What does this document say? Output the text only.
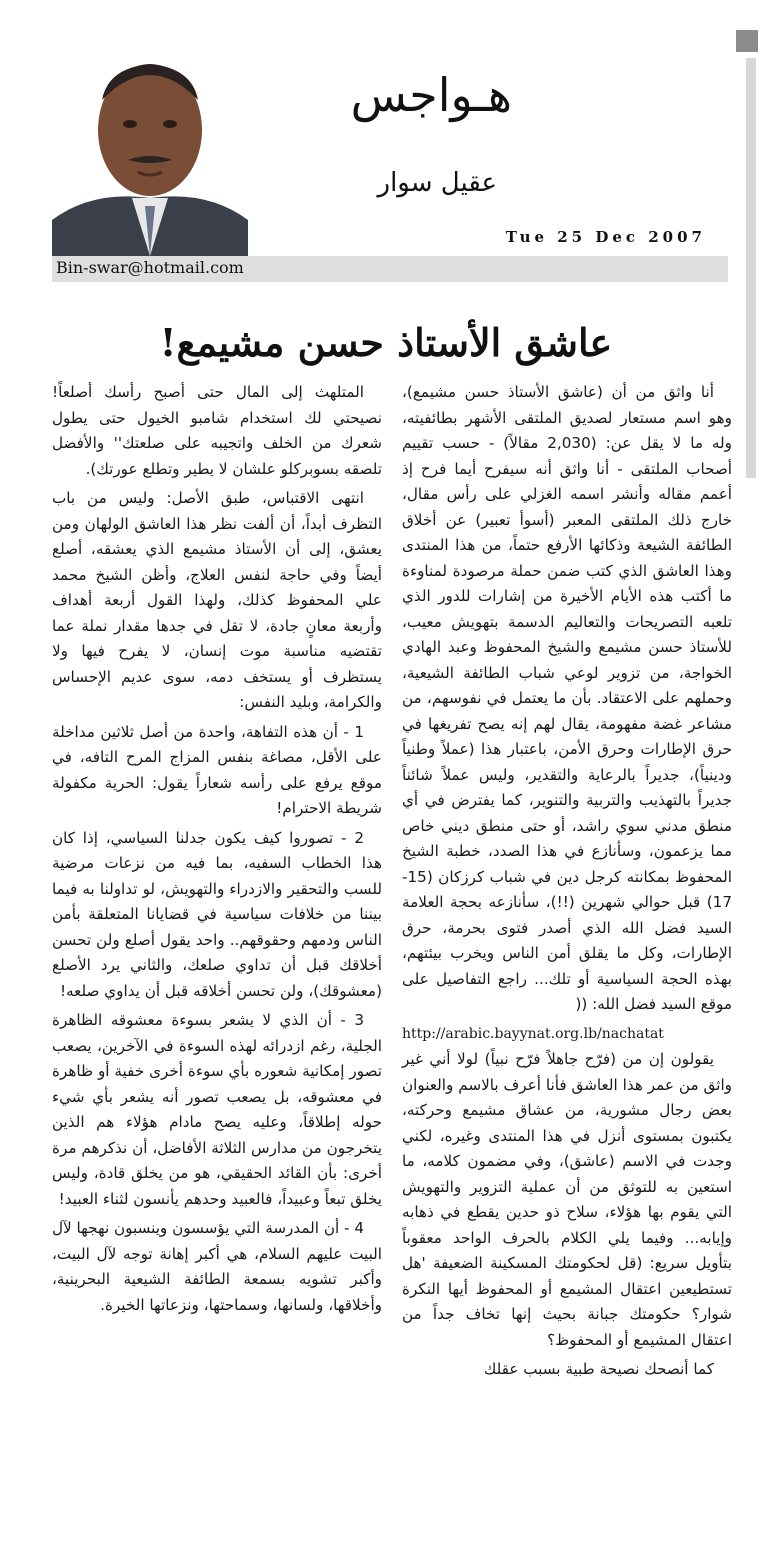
هـواجس
عقيل سوار
Tue 25 Dec 2007
Bin-swar@hotmail.com
عاشق الأستاذ حسن مشيمع!

أنا واثق من أن (عاشق الأستاذ حسن مشيمع)، وهو اسم مستعار لصديق الملتقى الأشهر بطائفيته، وله ما لا يقل عن: (2,030 مقالاً) - حسب تقييم أصحاب الملتقى - أنا واثق أنه سيفرح أيما فرح إذ أعمم مقاله وأنشر اسمه الغزلي على رأس مقال، خارج ذلك الملتقى المعبر (أسوأ تعبير) عن أخلاق الطائفة الشيعة وذكائها الأرفع حتماً، من هذا المنتدى وهذا العاشق الذي كتب ضمن حملة مرصودة لمناوءة ما أكتب هذه الأيام الأخيرة من إشارات للدور الذي تلعبه التصريحات والتعاليم الدسمة بتهويش معيب، للأستاذ حسن مشيمع والشيخ المحفوظ وعبد الهادي الخواجة، من تزوير لوعي شباب الطائفة الشيعية، وحملهم على الاعتقاد. بأن ما يعتمل في نفوسهم، من مشاعر غضة مفهومة، يقال لهم إنه يصح تفريغها في حرق الإطارات وحرق الأمن، باعتبار هذا (عملاً وطنياً ودينياً)، جديراً بالرعاية والتقدير، وليس عملاً شائناً جديراً بالتهذيب والتربية والتنوير، كما يفترض في أي منطق مدني سوي راشد، أو حتى منطق ديني خاص مما يزعمون، وسأنازع في هذا الصدد، خطبة الشيخ المحفوظ بمكانته كرجل دين في شباب كرزكان (15-17) قبل حوالي شهرين (!!)، سأنازعه بحجة العلامة السيد فضل الله الذي أصدر فتوى بحرمة، حرق الإطارات، وكل ما يقلق أمن الناس ويخرب بيئتهم، بهذه الحجة السياسية أو تلك... راجع التفاصيل على موقع السيد فضل الله: ((

http://arabic.bayynat.org.lb/nachatat

يقولون إن من (فرّح جاهلاً فرّح نبياً) لولا أني غير واثق من عمر هذا العاشق فأنا أعرف بالاسم والعنوان بعض رجال مشورية، من عشاق مشيمع وحركته، يكتبون بمستوى أنزل في هذا المنتدى وغيره، لكني وجدت في الاسم (عاشق)، وفي مضمون كلامه، ما استعين به للتوثق من أن عملية التزوير والتهويش التي يقوم بها هؤلاء، سلاح ذو حدين يقطع في ذهابه وإيابه... وفيما يلي الكلام بالحرف الواحد معقوباً بتأويل سريع: (قل لحكومتك المسكينة الضعيفة 'هل تستطيعين اعتقال المشيمع أو المحفوظ أيها النكرة شوار؟ حكومتك جبانة بحيث إنها تخاف جداً من اعتقال المشيمع أو المحفوظ؟

كما أنصحك نصيحة طبية بسبب عقلك

المتلهث إلى المال حتى أصبح رأسك أصلعاً! نصيحتي لك استخدام شامبو الخيول حتى يطول شعرك من الخلف واتجيبه على صلعتك'' والأفضل تلصقه بسوبركلو علشان لا يطير وتطلع عورتك).

انتهى الاقتباس، طبق الأصل: وليس من باب التظرف أبداً، أن ألفت نظر هذا العاشق الولهان ومن يعشق، إلى أن الأستاذ مشيمع الذي يعشقه، أصلع أيضاً وفي حاجة لنفس العلاج، وأظن الشيخ محمد علي المحفوظ كذلك، ولهذا القول أربعة أهداف وأربعة معانٍ جادة، لا تقل في جدها مقدار نملة عما تقتضيه مناسبة موت إنسان، لا يفرح فيها ولا يستظرف أو يستخف دمه، سوى عديم الإحساس والكرامة، وبليد النفس:

1 - أن هذه التفاهة، واحدة من أصل ثلاثين مداخلة على الأقل، مصاغة بنفس المزاج المرح التافه، في موقع يرفع على رأسه شعاراً يقول: الحرية مكفولة شريطة الاحترام!

2 - تصوروا كيف يكون جدلنا السياسي، إذا كان هذا الخطاب السفيه، بما فيه من نزعات مرضية للسب والتحقير والازدراء والتهويش، لو تداولنا به فيما بيننا من خلافات سياسية في قضايانا المتعلقة بأمن الناس ودمهم وحقوقهم.. واحد يقول أصلع ولن تحسن أخلاقك قبل أن تداوي صلعك، والثاني يرد الأصلع (معشوقك)، ولن تحسن أخلاقه قبل أن يداوي صلعه!

3 - أن الذي لا يشعر بسوءة معشوقه الظاهرة الجلية، رغم ازدرائه لهذه السوءة في الآخرين، يصعب تصور إمكانية شعوره بأي سوءة أخرى خفية أو ظاهرة في معشوقه، بل يصعب تصور أنه يشعر بأي شيء حوله إطلاقاً، وعليه يصح مادام هؤلاء هم الذين يتخرجون من مدارس الثلاثة الأفاضل، أن نذكرهم مرة أخرى: بأن القائد الحقيقي، هو من يخلق قادة، وليس يخلق تبعاً وعبيداً، فالعبيد وحدهم يأنسون لثناء العبيد!

4 - أن المدرسة التي يؤسسون وينسبون نهجها لآل البيت عليهم السلام، هي أكبر إهانة توجه لآل البيت، وأكبر تشويه بسمعة الطائفة الشيعية البحرينية، وأخلاقها، ولسانها، وسماحتها، ونزعاتها الخيرة.
